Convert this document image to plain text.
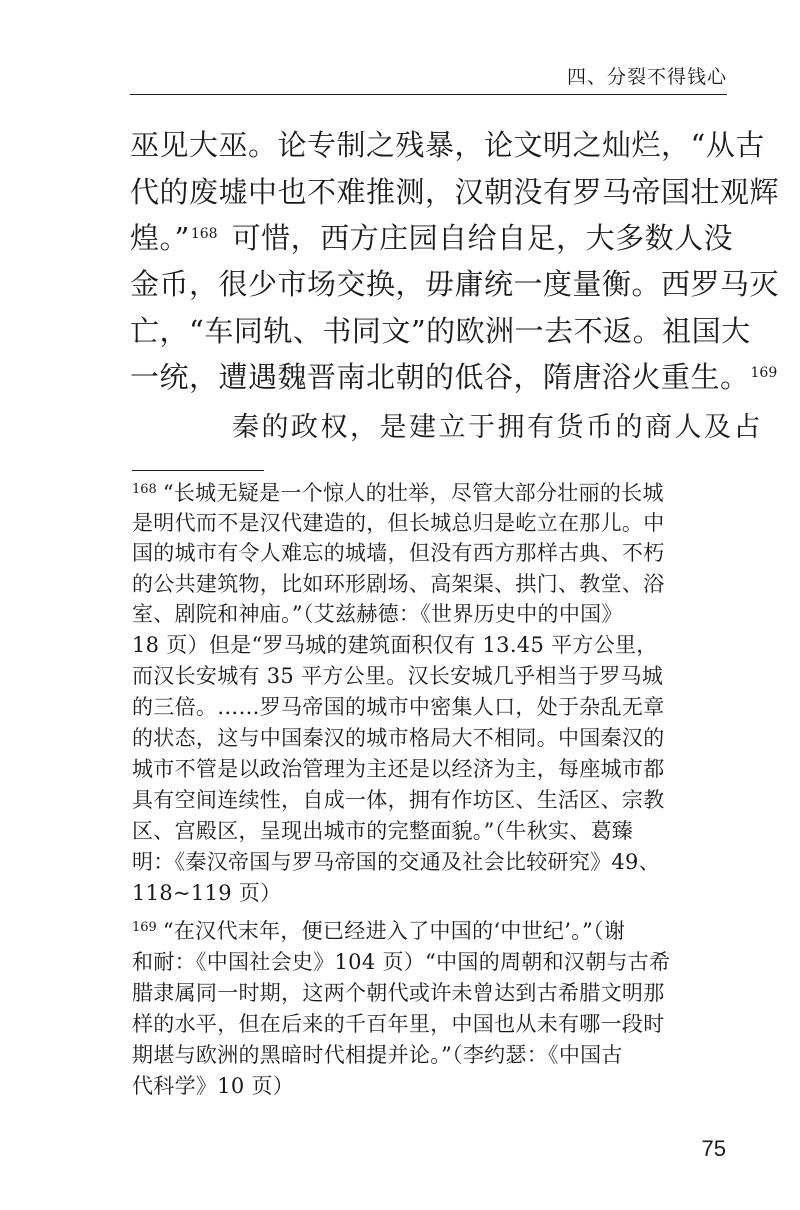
四、分裂不得钱心
巫见大巫。论专制之残暴，论文明之灿烂，“从古
代的废墟中也不难推测，汉朝没有罗马帝国壮观辉
煌。”$^{168}$ 可惜，西方庄园自给自足，大多数人没
金币，很少市场交换，毋庸统一度量衡。西罗马灭
亡，“车同轨、书同文”的欧洲一去不返。祖国大
一统，遭遇魏晋南北朝的低谷，隋唐浴火重生。$^{169}$
秦的政权，是建立于拥有货币的商人及占
$^{168}$ “长城无疑是一个惊人的壮举，尽管大部分壮丽的长城
是明代而不是汉代建造的，但长城总归是屹立在那儿。中
国的城市有令人难忘的城墙，但没有西方那样古典、不朽
的公共建筑物，比如环形剧场、高架渠、拱门、教堂、浴
室、剧院和神庙。”（艾兹赫德：《世界历史中的中国》
18 页）但是“罗马城的建筑面积仅有 13.45 平方公里，
而汉长安城有 35 平方公里。汉长安城几乎相当于罗马城
的三倍。……罗马帝国的城市中密集人口，处于杂乱无章
的状态，这与中国秦汉的城市格局大不相同。中国秦汉的
城市不管是以政治管理为主还是以经济为主，每座城市都
具有空间连续性，自成一体，拥有作坊区、生活区、宗教
区、宫殿区，呈现出城市的完整面貌。”（牛秋实、葛臻
明：《秦汉帝国与罗马帝国的交通及社会比较研究》49、
118~119 页）
$^{169}$ “在汉代末年，便已经进入了中国的‘中世纪’。”（谢
和耐：《中国社会史》104 页）“中国的周朝和汉朝与古希
腊隶属同一时期，这两个朝代或许未曾达到古希腊文明那
样的水平，但在后来的千百年里，中国也从未有哪一段时
期堪与欧洲的黑暗时代相提并论。”（李约瑟：《中国古
代科学》10 页）
75
